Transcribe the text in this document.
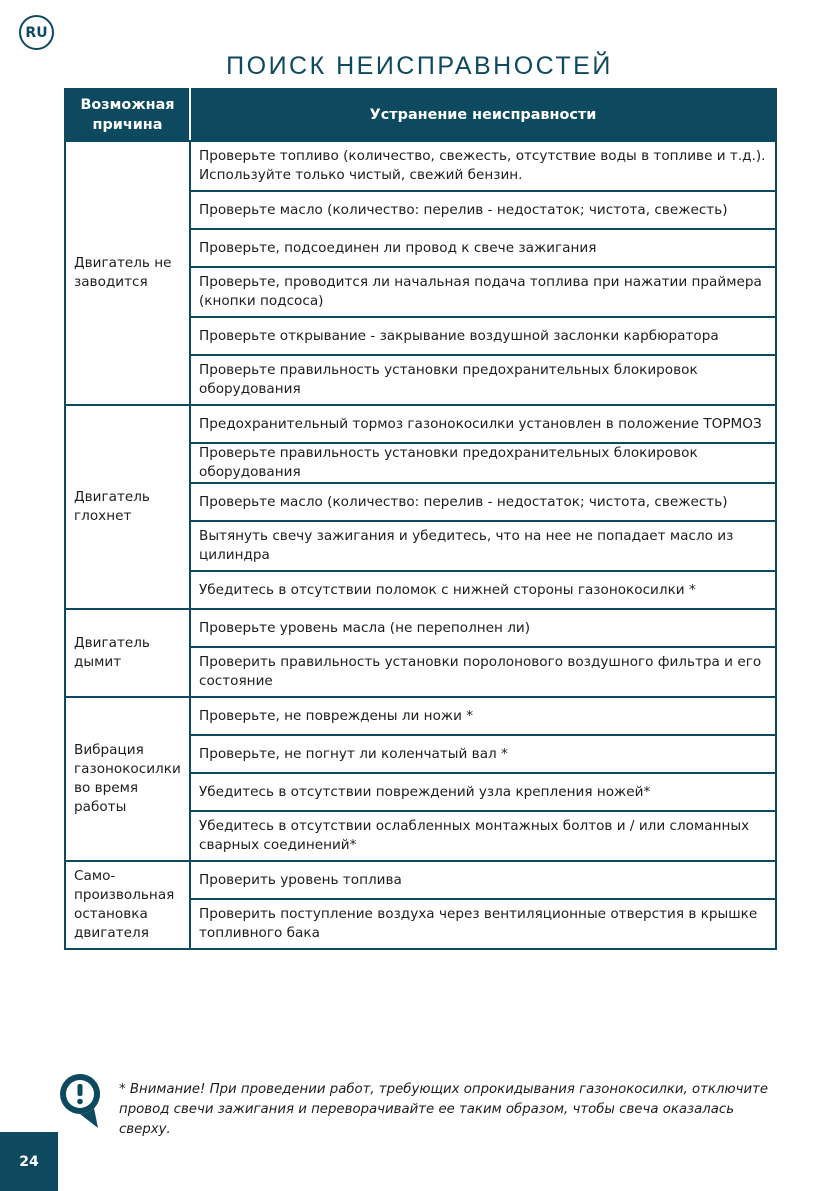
RU
ПОИСК НЕИСПРАВНОСТЕЙ
Возможная причина	Устранение неисправности
Двигатель не заводится	Проверьте топливо (количество, свежесть, отсутствие воды в топливе и т.д.). Используйте только чистый, свежий бензин.
	Проверьте масло (количество: перелив - недостаток; чистота, свежесть)
	Проверьте, подсоединен ли провод к свече зажигания
	Проверьте, проводится ли начальная подача топлива при нажатии праймера (кнопки подсоса)
	Проверьте открывание - закрывание воздушной заслонки карбюратора
	Проверьте правильность установки предохранительных блокировок оборудования
Двигатель глохнет	Предохранительный тормоз газонокосилки установлен в положение ТОРМОЗ
	Проверьте правильность установки предохранительных блокировок оборудования
	Проверьте масло (количество: перелив - недостаток; чистота, свежесть)
	Вытянуть свечу зажигания и убедитесь, что на нее не попадает масло из цилиндра
	Убедитесь в отсутствии поломок с нижней стороны газонокосилки *
Двигатель дымит	Проверьте уровень масла (не переполнен ли)
	Проверить правильность установки поролонового воздушного фильтра и его состояние
Вибрация газонокосилки во время работы	Проверьте, не повреждены ли ножи *
	Проверьте, не погнут ли коленчатый вал *
	Убедитесь в отсутствии повреждений узла крепления ножей*
	Убедитесь в отсутствии ослабленных монтажных болтов и / или сломанных сварных соединений*
Само-произвольная остановка двигателя	Проверить уровень топлива
	Проверить поступление воздуха через вентиляционные отверстия в крышке топливного бака
* Внимание! При проведении работ, требующих опрокидывания газонокосилки, отключите провод свечи зажигания и переворачивайте ее таким образом, чтобы свеча оказалась сверху.
24
